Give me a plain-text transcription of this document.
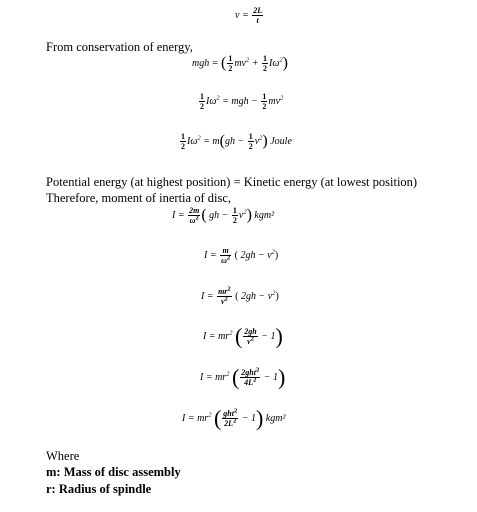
$v = \frac{2L}{t}$
From conservation of energy,
mgh = ( $\frac{1}{2} mv^2 + \frac{1}{2} I\omega^2$)
$\frac{1}{2} I\omega^2$ = mgh − $\frac{1}{2} mv^2$
$\frac{1}{2} I\omega^2 = m(gh - \frac{1}{2} v^2)$ Joule
Potential energy (at highest position) = Kinetic energy (at lowest position)
Therefore, moment of inertia of disc,
$I = \frac{2m}{\omega^2}$ ( gh − $\frac{1}{2} v^2$) kgm²
$I = \frac{m}{\omega^2}$ ( $2gh - v^2$)
$I = \frac{mr^2}{v^2}$ ( $2gh - v^2$)
$I = mr^2$ ( $\frac{2gh}{v^2} - 1$)
$I = mr^2$ ( $\frac{2ght^2}{4L^2} - 1$)
$I = mr^2$ ( $\frac{ght^2}{2L^2} - 1$) kgm²
Where
m: Mass of disc assembly
r: Radius of spindle
